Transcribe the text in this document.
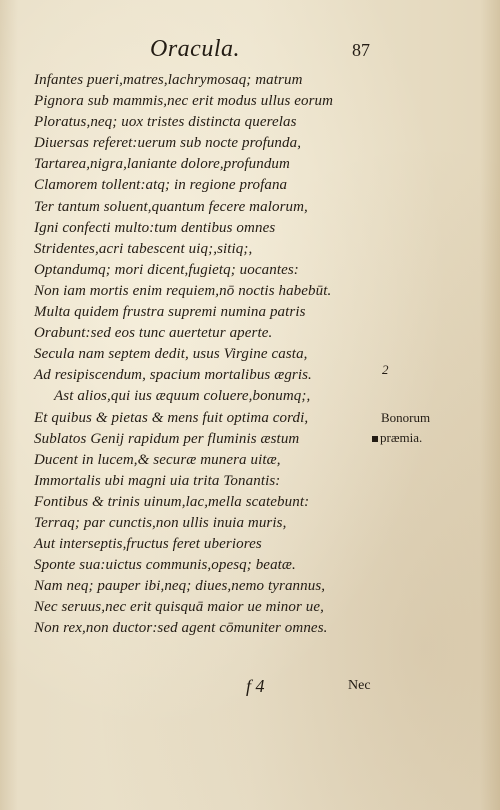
Oracula.	87
Infantes pueri,matres,lachrymosaq; matrum
Pignora sub mammis,nec erit modus ullus eorum
Ploratus,neq; uox tristes distincta querelas
Diuersas referet:uerum sub nocte profunda,
Tartarea,nigra,laniante dolore,profundum
Clamorem tollent:atq; in regione profana
Ter tantum soluent,quantum fecere malorum,
Igni confecti multo:tum dentibus omnes
Stridentes,acri tabescent uiq;,sitiq;,
Optandumq; mori dicent,fugietq; uocantes:
Non iam mortis enim requiem,nō noctis habebūt.
Multa quidem frustra supremi numina patris
Orabunt:sed eos tunc auertetur aperte.
Secula nam septem dedit, usus Virgine casta,
Ad resipiscendum, spacium mortalibus ægris.
Ast alios,qui ius æquum coluere,bonumq;,
Et quibus & pietas & mens fuit optima cordi,
Sublatos Genij rapidum per fluminis æstum
Ducent in lucem,& securæ munera uitæ,
Immortalis ubi magni uia trita Tonantis:
Fontibus & trinis uinum,lac,mella scatebunt:
Terraq; par cunctis,non ullis inuia muris,
Aut interseptis,fructus feret uberiores
Sponte sua:uictus communis,opesq; beatæ.
Nam neq; pauper ibi,neq; diues,nemo tyrannus,
Nec seruus,nec erit quisquā maior ue minor ue,
Non rex,non ductor:sed agent cōmuniter omnes.
2
Bonorum
præmia.
f 4	Nec
